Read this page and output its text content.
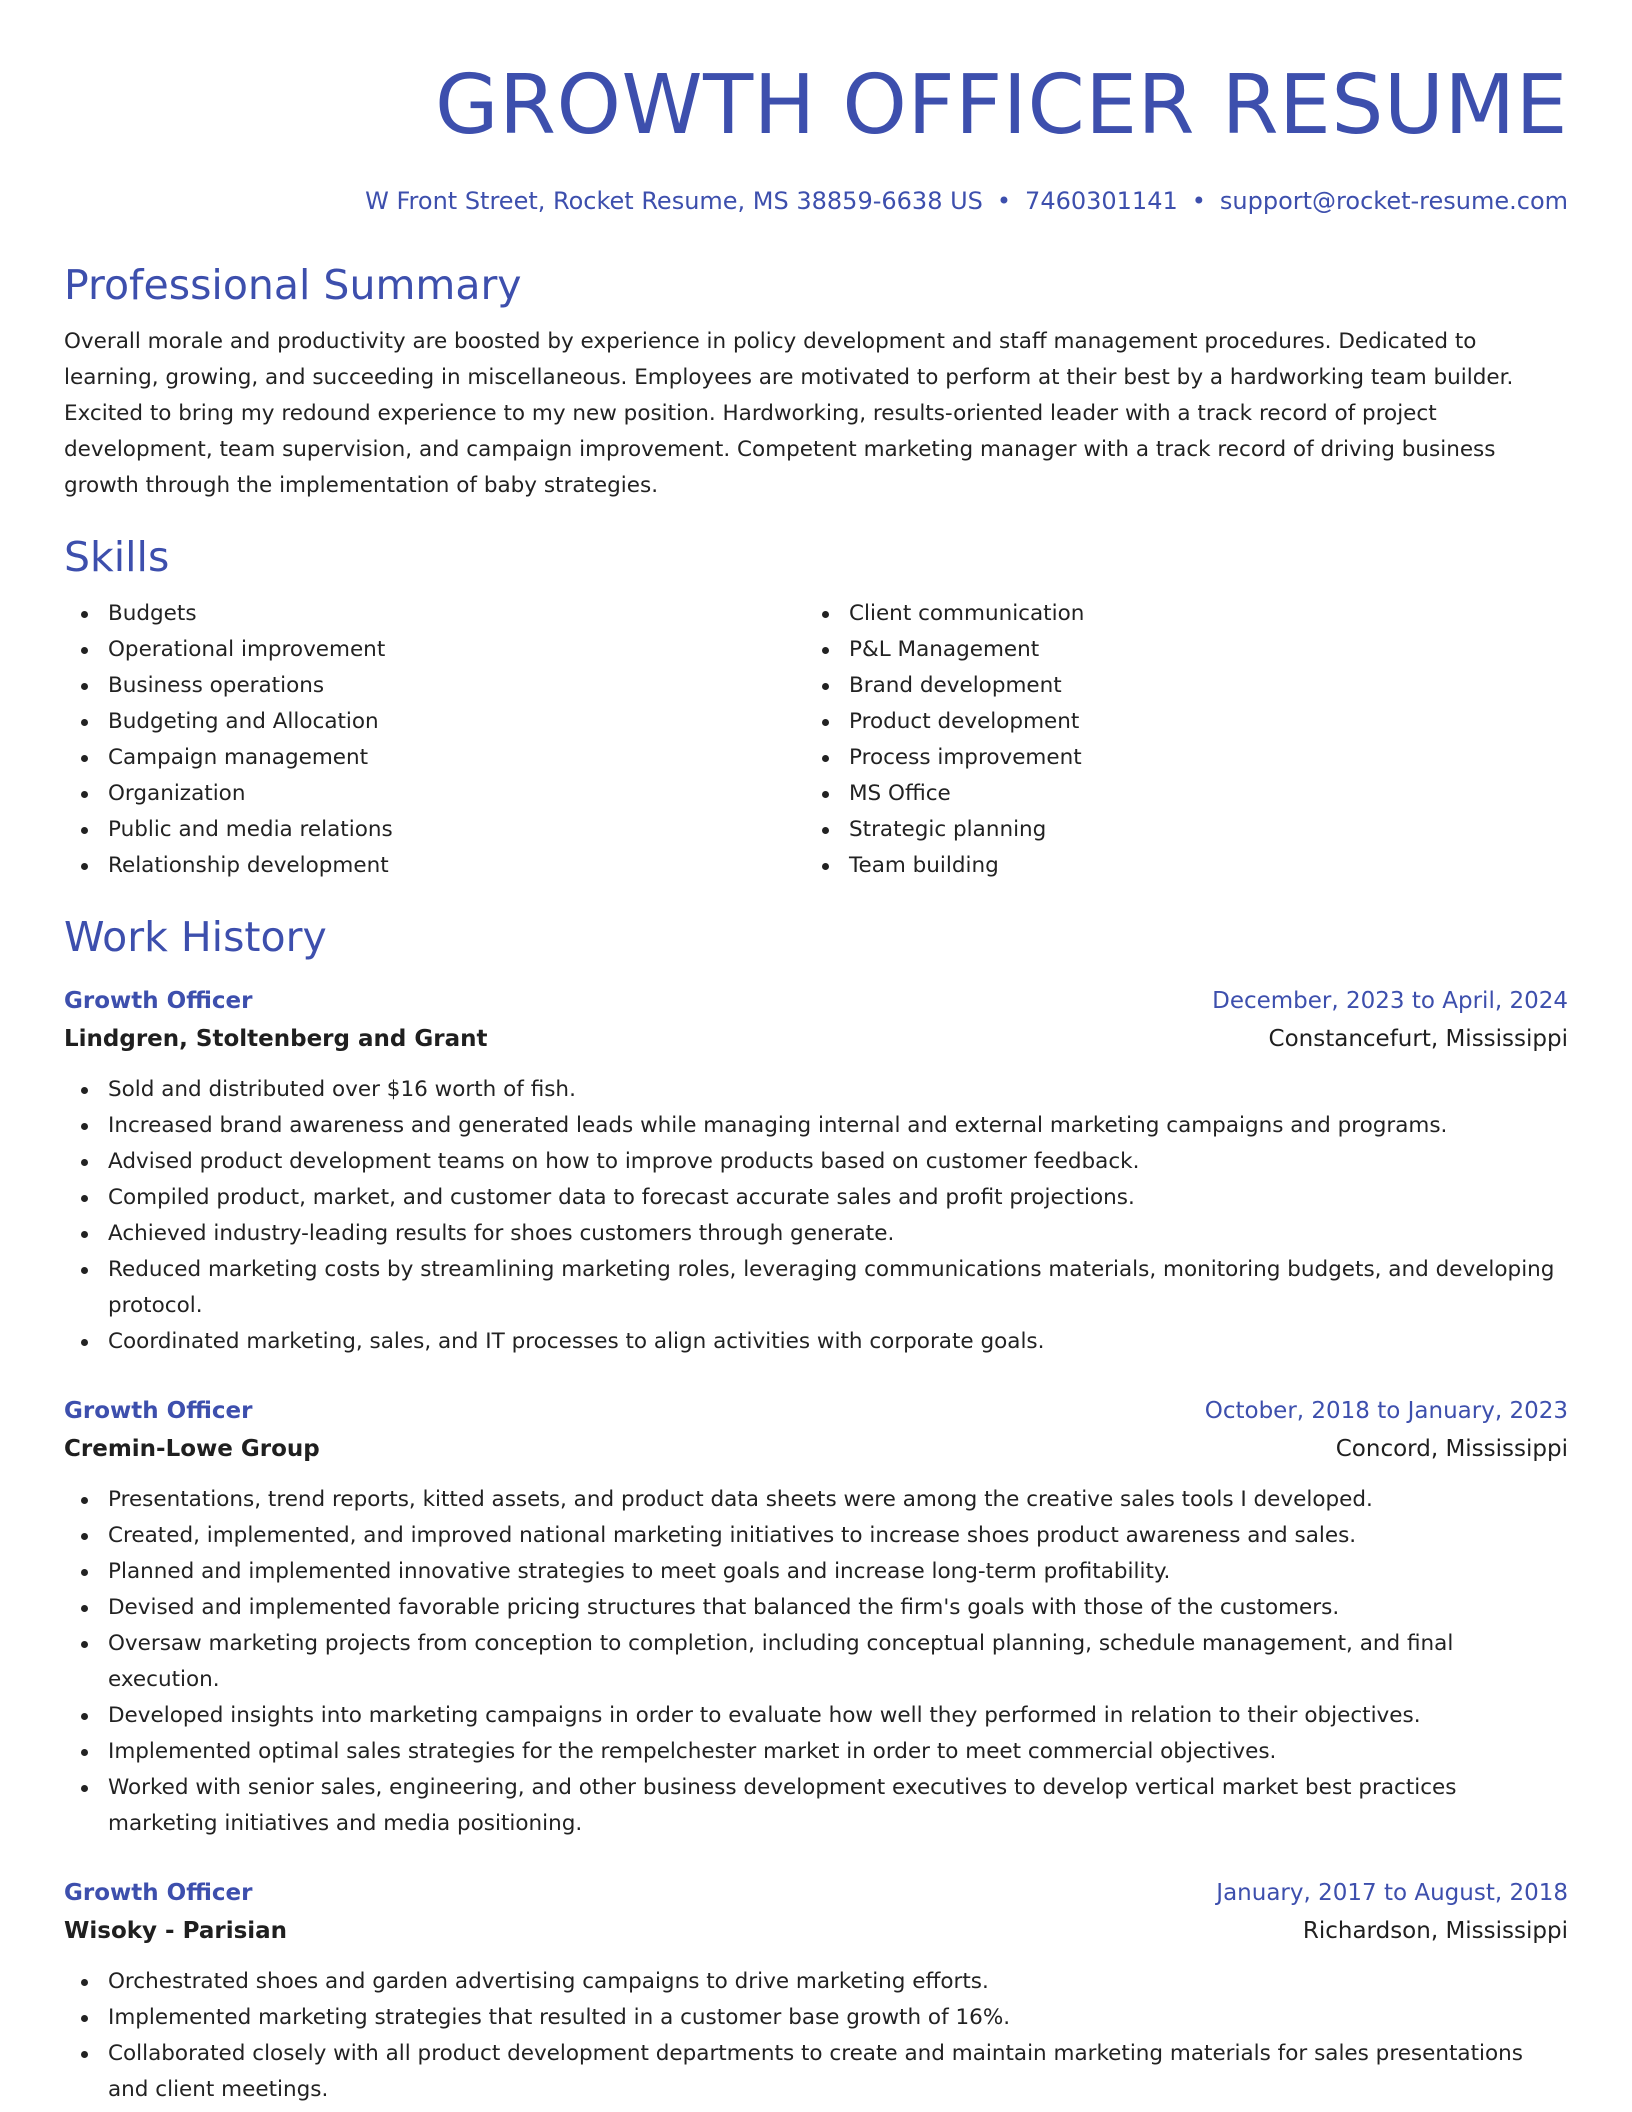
GROWTH OFFICER RESUME
W Front Street, Rocket Resume, MS 38859-6638 US • 7460301141 • support@rocket-resume.com
Professional Summary

Overall morale and productivity are boosted by experience in policy development and staff management procedures. Dedicated to learning, growing, and succeeding in miscellaneous. Employees are motivated to perform at their best by a hardworking team builder. Excited to bring my redound experience to my new position. Hardworking, results-oriented leader with a track record of project development, team supervision, and campaign improvement. Competent marketing manager with a track record of driving business growth through the implementation of baby strategies.

Skills
Budgets
Operational improvement
Business operations
Budgeting and Allocation
Campaign management
Organization
Public and media relations
Relationship development
Client communication
P&L Management
Brand development
Product development
Process improvement
MS Office
Strategic planning
Team building
Work History
Growth Officer	December, 2023 to April, 2024
Lindgren, Stoltenberg and Grant	Constancefurt, Mississippi
Sold and distributed over $16 worth of fish.
Increased brand awareness and generated leads while managing internal and external marketing campaigns and programs.
Advised product development teams on how to improve products based on customer feedback.
Compiled product, market, and customer data to forecast accurate sales and profit projections.
Achieved industry-leading results for shoes customers through generate.
Reduced marketing costs by streamlining marketing roles, leveraging communications materials, monitoring budgets, and developing protocol.
Coordinated marketing, sales, and IT processes to align activities with corporate goals.
Growth Officer	October, 2018 to January, 2023
Cremin-Lowe Group	Concord, Mississippi
Presentations, trend reports, kitted assets, and product data sheets were among the creative sales tools I developed.
Created, implemented, and improved national marketing initiatives to increase shoes product awareness and sales.
Planned and implemented innovative strategies to meet goals and increase long-term profitability.
Devised and implemented favorable pricing structures that balanced the firm's goals with those of the customers.
Oversaw marketing projects from conception to completion, including conceptual planning, schedule management, and final execution.
Developed insights into marketing campaigns in order to evaluate how well they performed in relation to their objectives.
Implemented optimal sales strategies for the rempelchester market in order to meet commercial objectives.
Worked with senior sales, engineering, and other business development executives to develop vertical market best practices marketing initiatives and media positioning.
Growth Officer	January, 2017 to August, 2018
Wisoky - Parisian	Richardson, Mississippi
Orchestrated shoes and garden advertising campaigns to drive marketing efforts.
Implemented marketing strategies that resulted in a customer base growth of 16%.
Collaborated closely with all product development departments to create and maintain marketing materials for sales presentations and client meetings.
